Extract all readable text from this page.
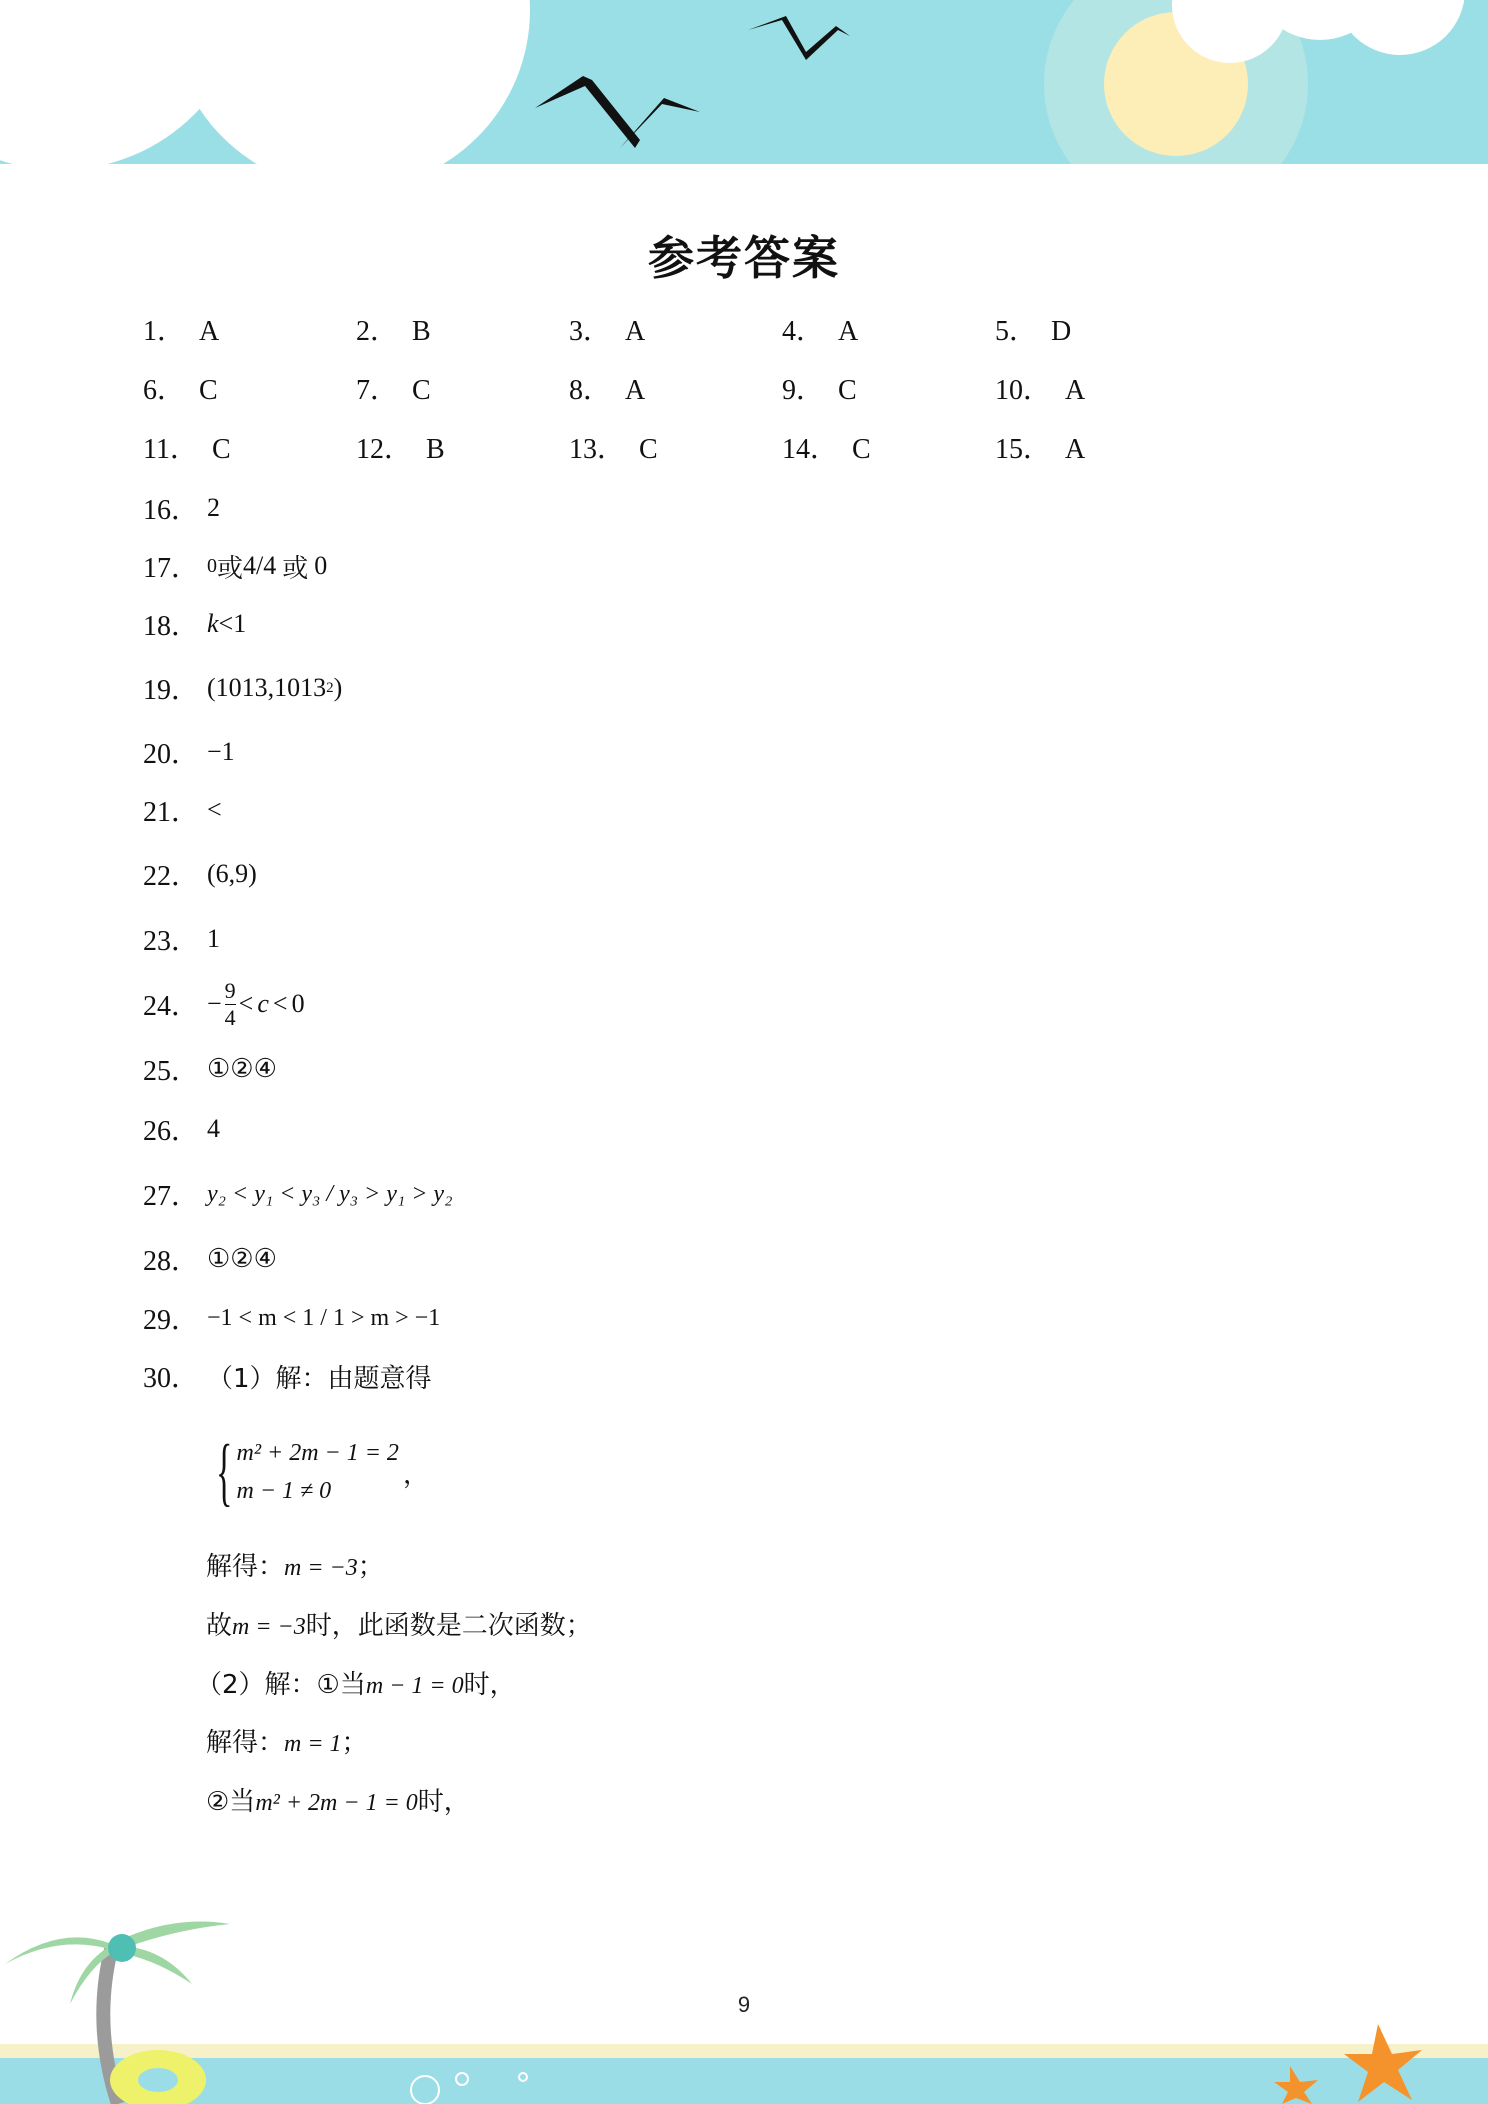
参考答案
1． A	2． B	3． A	4． A	5． D
6． C	7． C	8． A	9． C	10． A
11． C	12． B	13． C	14． C	15． A
16． 2
17． 0 或 4/4 或 0
18． k <1
19． (1013,1013 2 )
20． −1
21． <
22． (6,9)
23． 1
24． − $\frac{9}{4} < c < 0$
25． ①②④
26． 4
27． y₂ < y₁ < y₃ / y₃ > y₁ > y₂
28． ①②④
29． −1 < m < 1 / 1 > m > −1
30． （1）解：由题意得
{ m² + 2m − 1 = 2
m − 1 ≠ 0
，
解得：m = −3；
故m = −3时，此函数是二次函数；
（2）解：①当m − 1 = 0时，
解得：m = 1；
②当m² + 2m − 1 = 0时，
9
